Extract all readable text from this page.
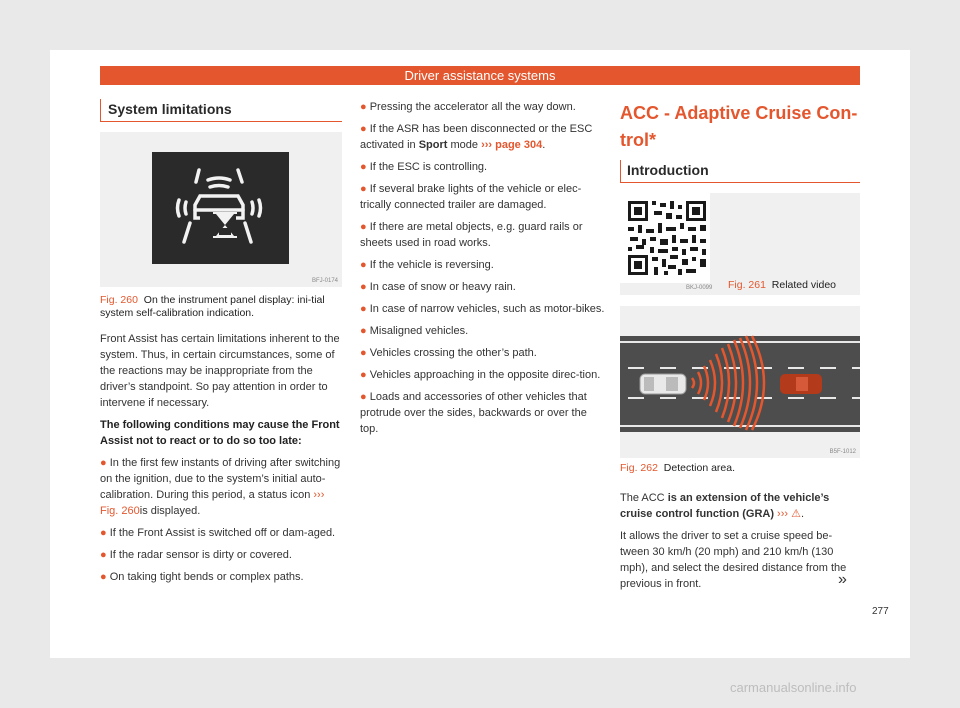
Driver assistance systems
System limitations
BFJ-0174
Fig. 260 On the instrument panel display: ini-tial system self-calibration indication.

Front Assist has certain limitations inherent to the system. Thus, in certain circumstances, some of the reactions may be inappropriate from the driver’s standpoint. So pay attention in order to intervene if necessary.

The following conditions may cause the Front Assist not to react or to do so too late:

● In the first few instants of driving after switching on the ignition, due to the system’s initial auto-calibration. During this period, a status icon ››› Fig. 260is displayed.

● If the Front Assist is switched off or dam-aged.

● If the radar sensor is dirty or covered.

● On taking tight bends or complex paths.

● Pressing the accelerator all the way down.

● If the ASR has been disconnected or the ESC activated in Sport mode ››› page 304.

● If the ESC is controlling.

● If several brake lights of the vehicle or elec-trically connected trailer are damaged.

● If there are metal objects, e.g. guard rails or sheets used in road works.

● If the vehicle is reversing.

● In case of snow or heavy rain.

● In case of narrow vehicles, such as motor-bikes.

● Misaligned vehicles.

● Vehicles crossing the other’s path.

● Vehicles approaching in the opposite direc-tion.

● Loads and accessories of other vehicles that protrude over the sides, backwards or over the top.

ACC - Adaptive Cruise Con-
trol*
Introduction
BKJ-0099 Fig. 261 Related video
B5F-1012
Fig. 262 Detection area.

The ACC is an extension of the vehicle’s cruise control function (GRA) ››› ⚠.

It allows the driver to set a cruise speed be-tween 30 km/h (20 mph) and 210 km/h (130 mph), and select the desired distance from the previous in front.	»
277
carmanualsonline.info
